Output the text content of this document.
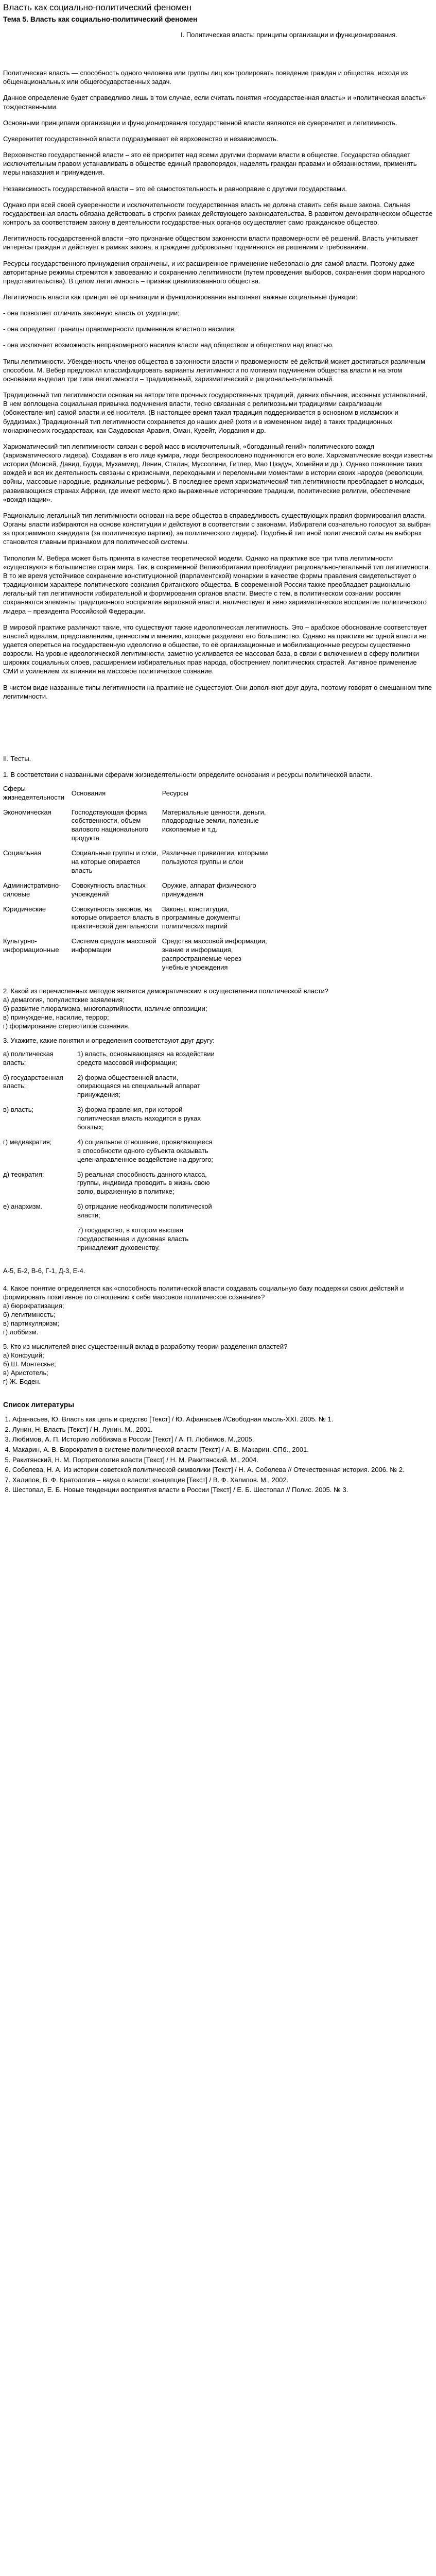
Власть как социально-политический феномен
Тема 5. Власть как социально-политический феномен
I. Политическая власть: принципы организации и функционирования.

Политическая власть — способность одного человека или группы лиц контролировать поведение граждан и общества, исходя из общенациональных или общегосударственных задач.

Данное определение будет справедливо лишь в том случае, если считать понятия «государственная власть» и «политическая власть» тождественными.

Основными принципами организации и функционирования государственной власти являются её суверенитет и легитимность.

Суверенитет государственной власти подразумевает её верховенство и независимость.

Верховенство государственной власти – это её приоритет над всеми другими формами власти в обществе. Государство обладает исключительным правом устанавливать в обществе единый правопорядок, наделять граждан правами и обязанностями, применять меры наказания и принуждения.

Независимость государственной власти – это её самостоятельность и равноправие с другими государствами.

Однако при всей своей суверенности и исключительности государственная власть не должна ставить себя выше закона. Сильная государственная власть обязана действовать в строгих рамках действующего законодательства. В развитом демократическом обществе контроль за соответствием закону в деятельности государственных органов осуществляет само гражданское общество.

Легитимность государственной власти –это признание обществом законности власти правомерности её решений. Власть учитывает интересы граждан и действует в рамках закона, а граждане добровольно подчиняются её решениям и требованиям.

Ресурсы государственного принуждения ограничены, и их расширенное применение небезопасно для самой власти. Поэтому даже авторитарные режимы стремятся к завоеванию и сохранению легитимности (путем проведения выборов, сохранения форм народного представительства). В целом легитимность – признак цивилизованного общества.

Легитимность власти как принцип её организации и функционирования выполняет важные социальные функции:

- она позволяет отличить законную власть от узурпации;

- она определяет границы правомерности применения властного насилия;

- она исключает возможность неправомерного насилия власти над обществом и обществом над властью.

Типы легитимности. Убежденность членов общества в законности власти и правомерности её действий может достигаться различным способом. М. Вебер предложил классифицировать варианты легитимности по мотивам подчинения общества власти и на этом основании выделил три типа легитимности – традиционный, харизматический и рационально-легальный.

Традиционный тип легитимности основан на авторитете прочных государственных традиций, давних обычаев, исконных установлений. В нем воплощена социальная привычка подчинения власти, тесно связанная с религиозными традициями сакрализации (обожествления) самой власти и её носителя. (В настоящее время такая традиция поддерживается в основном в исламских и буддизмах.) Традиционный тип легитимности сохраняется до наших дней (хотя и в измененном виде) в таких традиционных монархических государствах, как Саудовская Аравия, Оман, Кувейт, Иордания и др.

Харизматический тип легитимности связан с верой масс в исключительный, «богоданный гений» политического вождя (харизматического лидера). Создавая в его лице кумира, люди беспрекословно подчиняются его воле. Харизматические вожди известны истории (Моисей, Давид, Будда, Мухаммед, Ленин, Сталин, Муссолини, Гитлер, Мао Цзэдун, Хомейни и др.). Однако появление таких вождей и вся их деятельность связаны с кризисными, переходными и переломными моментами в истории своих народов (революции, войны, массовые народные, радикальные реформы). В последнее время харизматический тип легитимности преобладает в молодых, развивающихся странах Африки, где имеют место ярко выраженные исторические традиции, политические религии, обеспечение «вождя нации».

Рационально-легальный тип легитимности основан на вере общества в справедливость существующих правил формирования власти. Органы власти избираются на основе конституции и действуют в соответствии с законами. Избиратели сознательно голосуют за выбран за программного кандидата (за политическую партию), за политического лидера). Подобный тип иной политической силы на выборах становится главным признаком для политической системы.

Типология М. Вебера может быть принята в качестве теоретической модели. Однако на практике все три типа легитимности «существуют» в большинстве стран мира. Так, в современной Великобритании преобладает рационально-легальный тип легитимности. В то же время устойчивое сохранение конституционной (парламентской) монархии в качестве формы правления свидетельствует о традиционном характере политического сознания британского общества. В современной России также преобладает рационально-легальный тип легитимности избирательной и формирования органов власти. Вместе с тем, в политическом сознании россиян сохраняются элементы традиционного восприятия верховной власти, наличествует и явно харизматическое восприятие политического лидера – президента Российской Федерации.

В мировой практике различают такие, что существуют также идеологическая легитимность. Это – арабское обоснование соответствует властей идеалам, представлениям, ценностям и мнению, которые разделяет его большинство. Однако на практике ни одной власти не удается опереться на государственную идеологию в обществе, то её организационные и мобилизационные ресурсы существенно возросли. На уровне идеологической легитимности, заметно усиливается ее массовая база, в связи с включением в сферу политики широких социальных слоев, расширением избирательных прав народа, обострением политических страстей. Активное применение СМИ и усилением их влияния на массовое политическое сознание.

В чистом виде названные типы легитимности на практике не существуют. Они дополняют друг друга, поэтому говорят о смешанном типе легитимности.

II. Тесты.

1. В соответствии с названными сферами жизнедеятельности определите основания и ресурсы политической власти.

Сферы жизнедеятельности	Основания	Ресурсы
Экономическая	Господствующая форма собственности, объем валового национального продукта	Материальные ценности, деньги, плодородные земли, полезные ископаемые и т.д.
Социальная	Социальные группы и слои, на которые опирается власть	Различные привилегии, которыми пользуются группы и слои
Административно-силовые	Совокупность властных учреждений	Оружие, аппарат физического принуждения
Юридические	Совокупность законов, на которые опирается власть в практической деятельности	Законы, конституции, программные документы политических партий
Культурно-информационные	Система средств массовой информации	Средства массовой информации, знание и информация, распространяемые через учебные учреждения

2. Какой из перечисленных методов является демократическим в осуществлении политической власти?

а) демагогия, популистские заявления;

б) развитие плюрализма, многопартийности, наличие оппозиции;

в) принуждение, насилие, террор;

г) формирование стереотипов сознания.

3. Укажите, какие понятия и определения соответствуют друг другу:

а) политическая власть;	1) власть, основывающаяся на воздействии средств массовой информации;
б) государственная власть;	2) форма общественной власти, опирающаяся на специальный аппарат принуждения;
в) власть;	3) форма правления, при которой политическая власть находится в руках богатых;
г) медиакратия;	4) социальное отношение, проявляющееся в способности одного субъекта оказывать целенаправленное воздействие на другого;
д) теократия;	5) реальная способность данного класса, группы, индивида проводить в жизнь свою волю, выраженную в политике;
е) анархизм.	6) отрицание необходимости политической власти;
	7) государство, в котором высшая государственная и духовная власть принадлежит духовенству.

А-5, Б-2, В-6, Г-1, Д-3, Е-4.

4. Какое понятие определяется как «способность политической власти создавать социальную базу поддержки своих действий и формировать позитивное по отношению к себе массовое политическое сознание»?

а) бюрократизация;

б) легитимность;

в) партикуляризм;

г) лоббизм.

5. Кто из мыслителей внес существенный вклад в разработку теории разделения властей?

а) Конфуций;

б) Ш. Монтескье;

в) Аристотель;

г) Ж. Боден.

Список литературы
1. Афанасьев, Ю. Власть как цель и средство [Текст] / Ю. Афанасьев //Свободная мысль-XXI. 2005. № 1.
2. Лунин, Н. Власть [Текст] / Н. Лунин. М., 2001.
3. Любимов, А. П. Историю лоббизма в России [Текст] / А. П. Любимов. М.,2005.
4. Макарин, А. В. Бюрократия в системе политической власти [Текст] / А. В. Макарин. СПб., 2001.
5. Ракитянский, Н. М. Портретология власти [Текст] / Н. М. Ракитянский. М., 2004.
6. Соболева, Н. А. Из истории советской политической символики [Текст] / Н. А. Соболева // Отечественная история. 2006. № 2.
7. Халипов, В. Ф. Кратология – наука о власти: концепция [Текст] / В. Ф. Халипов. М., 2002.
8. Шестопал, Е. Б. Новые тенденции восприятия власти в России [Текст] / Е. Б. Шестопал // Полис. 2005. № 3.
